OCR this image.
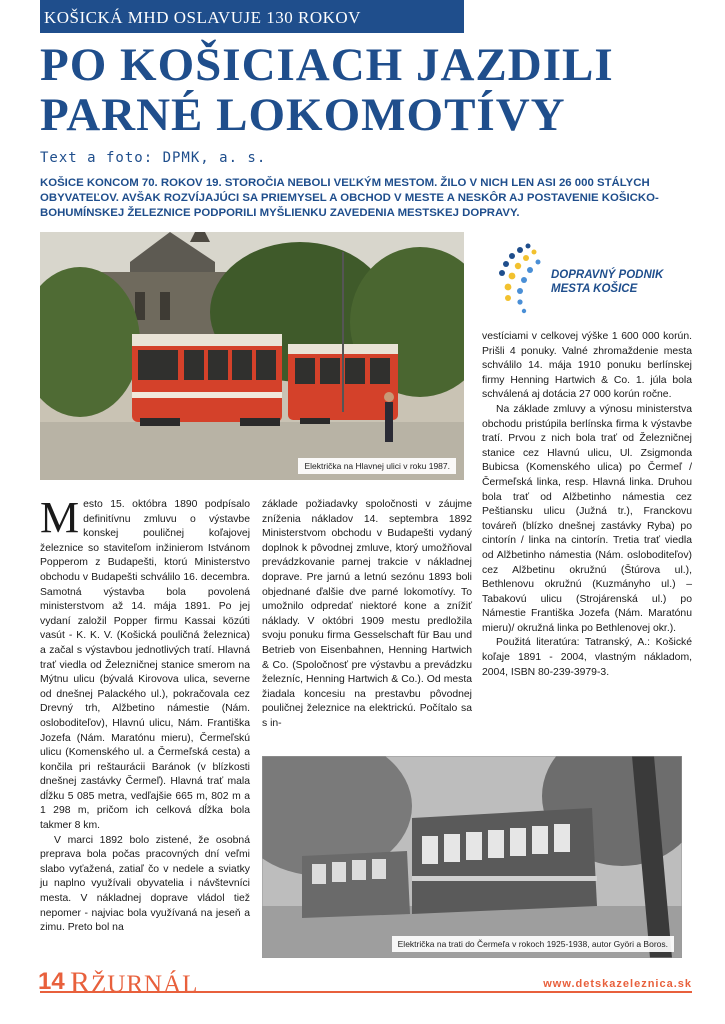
KOŠICKÁ MHD OSLAVUJE 130 ROKOV
PO KOŠICIACH JAZDILI PARNÉ LOKOMOTÍVY
Text a foto: DPMK, a. s.
KOŠICE KONCOM 70. ROKOV 19. STOROČIA NEBOLI VEĽKÝM MESTOM. ŽILO V NICH LEN ASI 26 000 STÁLYCH OBYVATEĽOV. AVŠAK ROZVÍJAJÚCI SA PRIEMYSEL A OBCHOD V MESTE A NESKÔR AJ POSTAVENIE KOŠICKO-BOHUMÍNSKEJ ŽELEZNICE PODPORILI MYŠLIENKU ZAVEDENIA MESTSKEJ DOPRAVY.
Električka na Hlavnej ulici v roku 1987.
DOPRAVNÝ PODNIK
MESTA KOŠICE

Mesto 15. októbra 1890 podpísalo definitívnu zmluvu o výstavbe konskej pouličnej koľajovej železnice so staviteľom inžinierom Istvánom Popperom z Budapešti, ktorú Ministerstvo obchodu v Budapešti schválilo 16. decembra. Samotná výstavba bola povolená ministerstvom až 14. mája 1891. Po jej vydaní založil Popper firmu Kassai közúti vasút - K. K. V. (Košická pouličná železnica) a začal s výstavbou jednotlivých tratí. Hlavná trať viedla od Železničnej stanice smerom na Mýtnu ulicu (bývalá Kirovova ulica, severne od dnešnej Palackého ul.), pokračovala cez Drevný trh, Alžbetino námestie (Nám. osloboditeľov), Hlavnú ulicu, Nám. Františka Jozefa (Nám. Maratónu mieru), Čermeľskú ulicu (Komenského ul. a Čermeľská cesta) a končila pri reštaurácii Baránok (v blízkosti dnešnej zastávky Čermeľ). Hlavná trať mala dĺžku 5 085 metra, vedľajšie 665 m, 802 m a 1 298 m, pričom ich celková dĺžka bola takmer 8 km.

V marci 1892 bolo zistené, že osobná preprava bola počas pracovných dní veľmi slabo vyťažená, zatiaľ čo v nedele a sviatky ju naplno využívali obyvatelia i návštevníci mesta. V nákladnej doprave vládol tiež nepomer - najviac bola využívaná na jeseň a zimu. Preto bol na

základe požiadavky spoločnosti v záujme zníženia nákladov 14. septembra 1892 Ministerstvom obchodu v Budapešti vydaný doplnok k pôvodnej zmluve, ktorý umožňoval prevádzkovanie parnej trakcie v nákladnej doprave. Pre jarnú a letnú sezónu 1893 boli objednané ďalšie dve parné lokomotívy. To umožnilo odpredať niektoré kone a znížiť náklady. V októbri 1909 mestu predložila svoju ponuku firma Gesselschaft für Bau und Betrieb von Eisenbahnen, Henning Hartwich & Co. (Spoločnosť pre výstavbu a prevádzku železníc, Henning Hartwich & Co.). Od mesta žiadala koncesiu na prestavbu pôvodnej pouličnej železnice na elektrickú. Počítalo sa s in-

vestíciami v celkovej výške 1 600 000 korún. Prišli 4 ponuky. Valné zhromaždenie mesta schválilo 14. mája 1910 ponuku berlínskej firmy Henning Hartwich & Co. 1. júla bola schválená aj dotácia 27 000 korún ročne.

Na základe zmluvy a výnosu ministerstva obchodu pristúpila berlínska firma k výstavbe tratí. Prvou z nich bola trať od Železničnej stanice cez Hlavnú ulicu, Ul. Zsigmonda Bubicsa (Komenského ulica) po Čermeľ / Čermeľská linka, resp. Hlavná linka. Druhou bola trať od Alžbetinho námestia cez Peštiansku ulicu (Južná tr.), Franckovu továreň (blízko dnešnej zastávky Ryba) po cintorín / linka na cintorín. Tretia trať viedla od Alžbetinho námestia (Nám. osloboditeľov) cez Alžbetinu okružnú (Štúrova ul.), Bethlenovu okružnú (Kuzmányho ul.) – Tabakovú ulicu (Strojárenská ul.) po Námestie Františka Jozefa (Nám. Maratónu mieru)/ okružná linka po Bethlenovej okr.).

Použitá literatúra: Tatranský, A.: Košické koľaje 1891 - 2004, vlastným nákladom, 2004, ISBN 80-239-3979-3.

Električka na trati do Čermeľa v rokoch 1925-1938, autor Györi a Boros.
14 RŽURNÁL	www.detskazeleznica.sk
